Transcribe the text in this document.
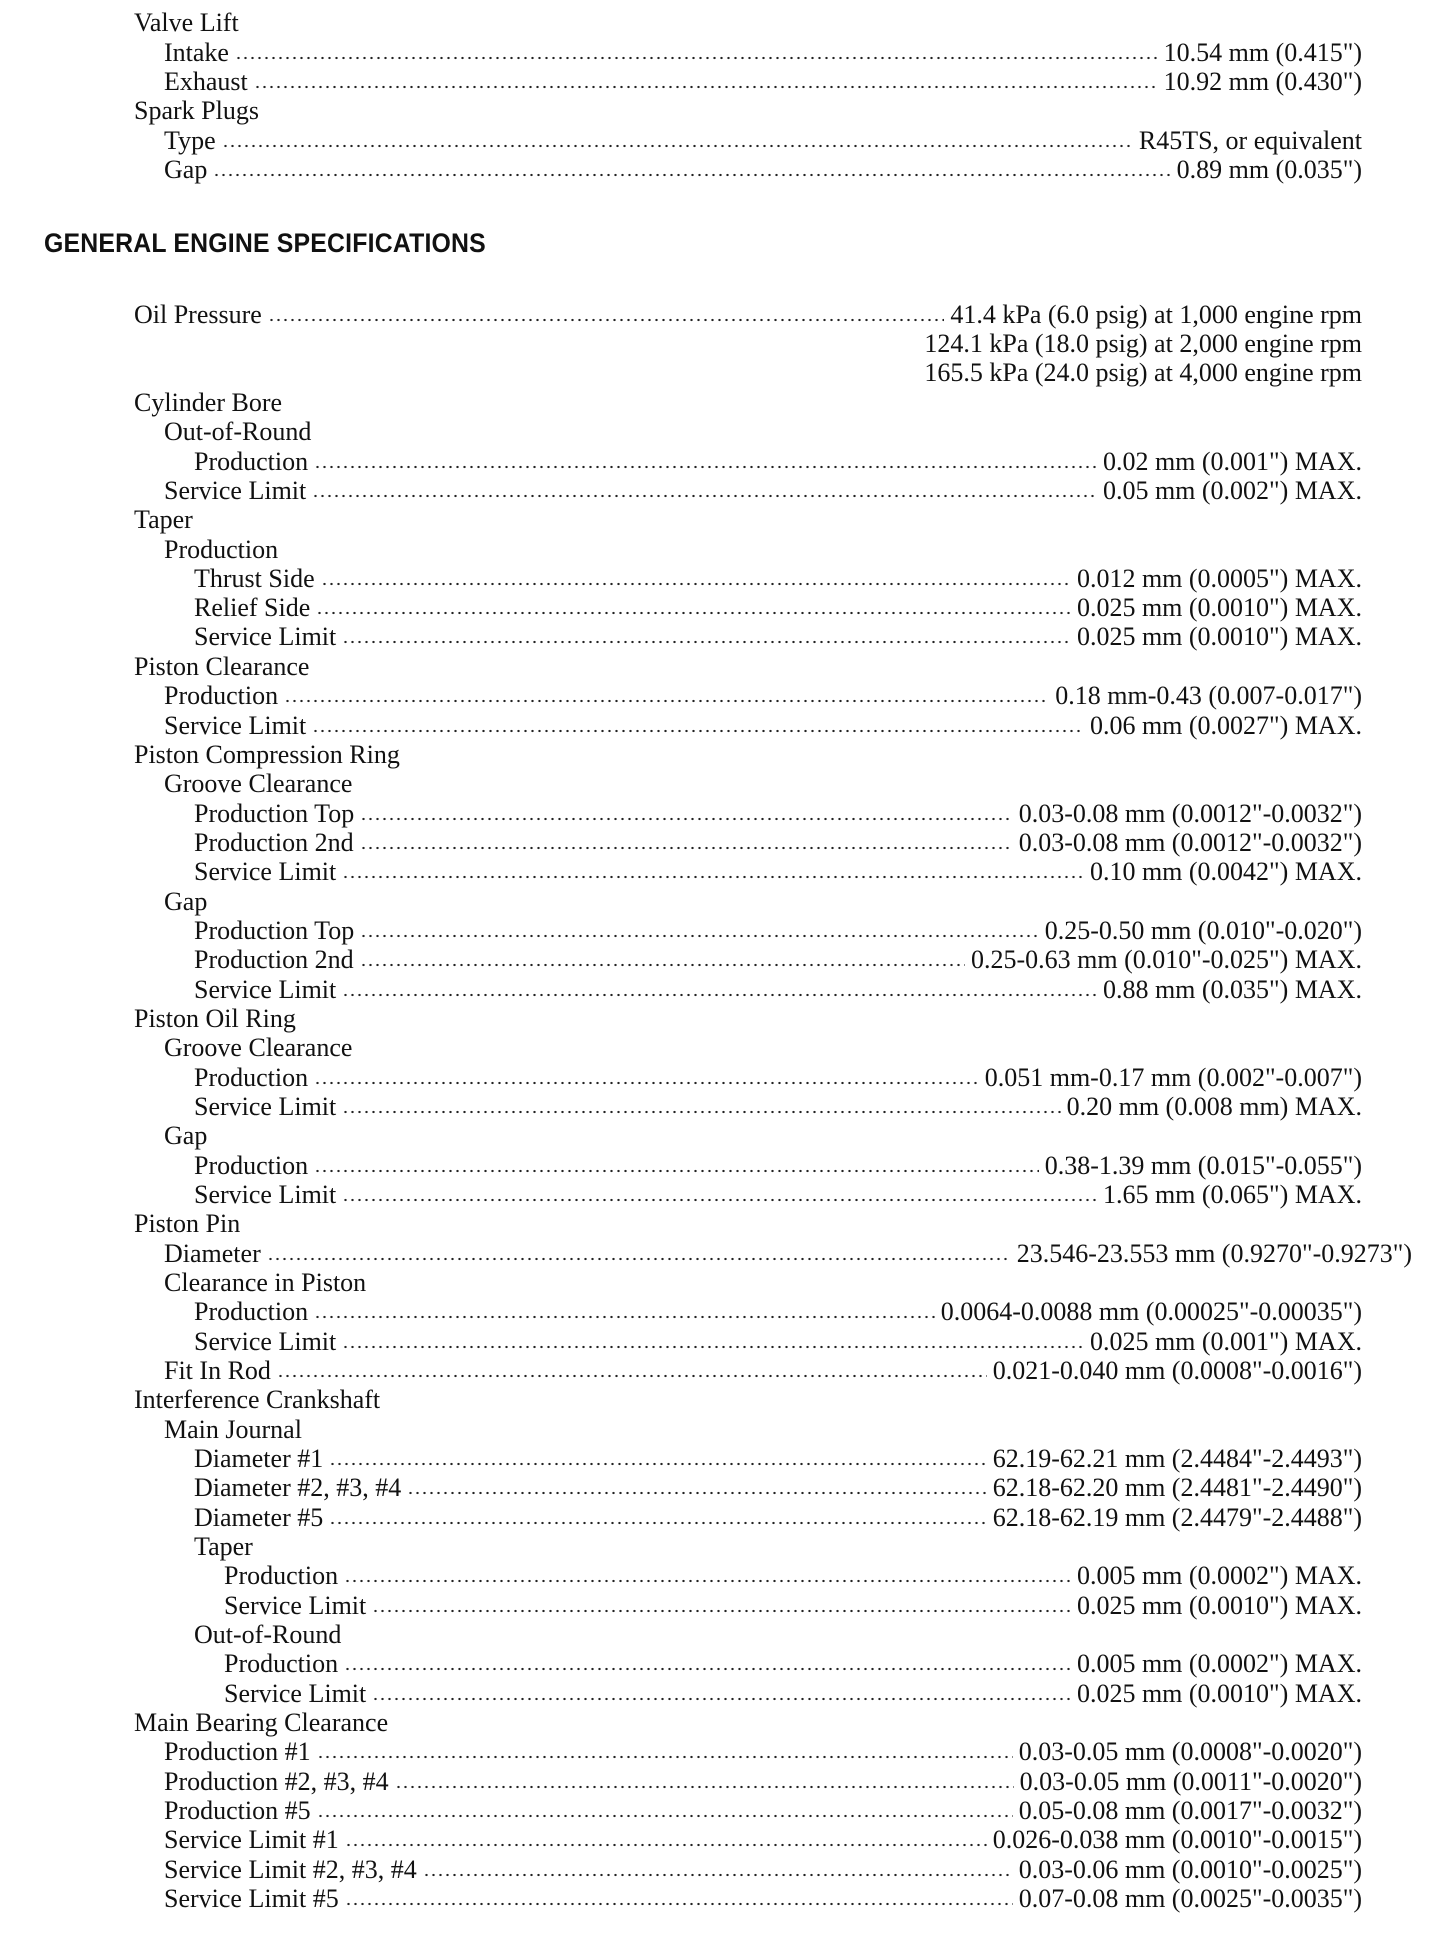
Valve Lift
Intake	10.54 mm (0.415")
Exhaust	10.92 mm (0.430")
Spark Plugs
Type	R45TS, or equivalent
Gap	0.89 mm (0.035")
GENERAL ENGINE SPECIFICATIONS
Oil Pressure	41.4 kPa (6.0 psig) at 1,000 engine rpm
124.1 kPa (18.0 psig) at 2,000 engine rpm
165.5 kPa (24.0 psig) at 4,000 engine rpm
Cylinder Bore
Out-of-Round
Production	0.02 mm (0.001") MAX.
Service Limit	0.05 mm (0.002") MAX.
Taper
Production
Thrust Side	0.012 mm (0.0005") MAX.
Relief Side	0.025 mm (0.0010") MAX.
Service Limit	0.025 mm (0.0010") MAX.
Piston Clearance
Production	0.18 mm-0.43 (0.007-0.017")
Service Limit	0.06 mm (0.0027") MAX.
Piston Compression Ring
Groove Clearance
Production Top	0.03-0.08 mm (0.0012"-0.0032")
Production 2nd	0.03-0.08 mm (0.0012"-0.0032")
Service Limit	0.10 mm (0.0042") MAX.
Gap
Production Top	0.25-0.50 mm (0.010"-0.020")
Production 2nd	0.25-0.63 mm (0.010"-0.025") MAX.
Service Limit	0.88 mm (0.035") MAX.
Piston Oil Ring
Groove Clearance
Production	0.051 mm-0.17 mm (0.002"-0.007")
Service Limit	0.20 mm (0.008 mm) MAX.
Gap
Production	0.38-1.39 mm (0.015"-0.055")
Service Limit	1.65 mm (0.065") MAX.
Piston Pin
Diameter	23.546-23.553 mm (0.9270"-0.9273")
Clearance in Piston
Production	0.0064-0.0088 mm (0.00025"-0.00035")
Service Limit	0.025 mm (0.001") MAX.
Fit In Rod	0.021-0.040 mm (0.0008"-0.0016")
Interference Crankshaft
Main Journal
Diameter #1	62.19-62.21 mm (2.4484"-2.4493")
Diameter #2, #3, #4	62.18-62.20 mm (2.4481"-2.4490")
Diameter #5	62.18-62.19 mm (2.4479"-2.4488")
Taper
Production	0.005 mm (0.0002") MAX.
Service Limit	0.025 mm (0.0010") MAX.
Out-of-Round
Production	0.005 mm (0.0002") MAX.
Service Limit	0.025 mm (0.0010") MAX.
Main Bearing Clearance
Production #1	0.03-0.05 mm (0.0008"-0.0020")
Production #2, #3, #4	0.03-0.05 mm (0.0011"-0.0020")
Production #5	0.05-0.08 mm (0.0017"-0.0032")
Service Limit #1	0.026-0.038 mm (0.0010"-0.0015")
Service Limit #2, #3, #4	0.03-0.06 mm (0.0010"-0.0025")
Service Limit #5	0.07-0.08 mm (0.0025"-0.0035")
